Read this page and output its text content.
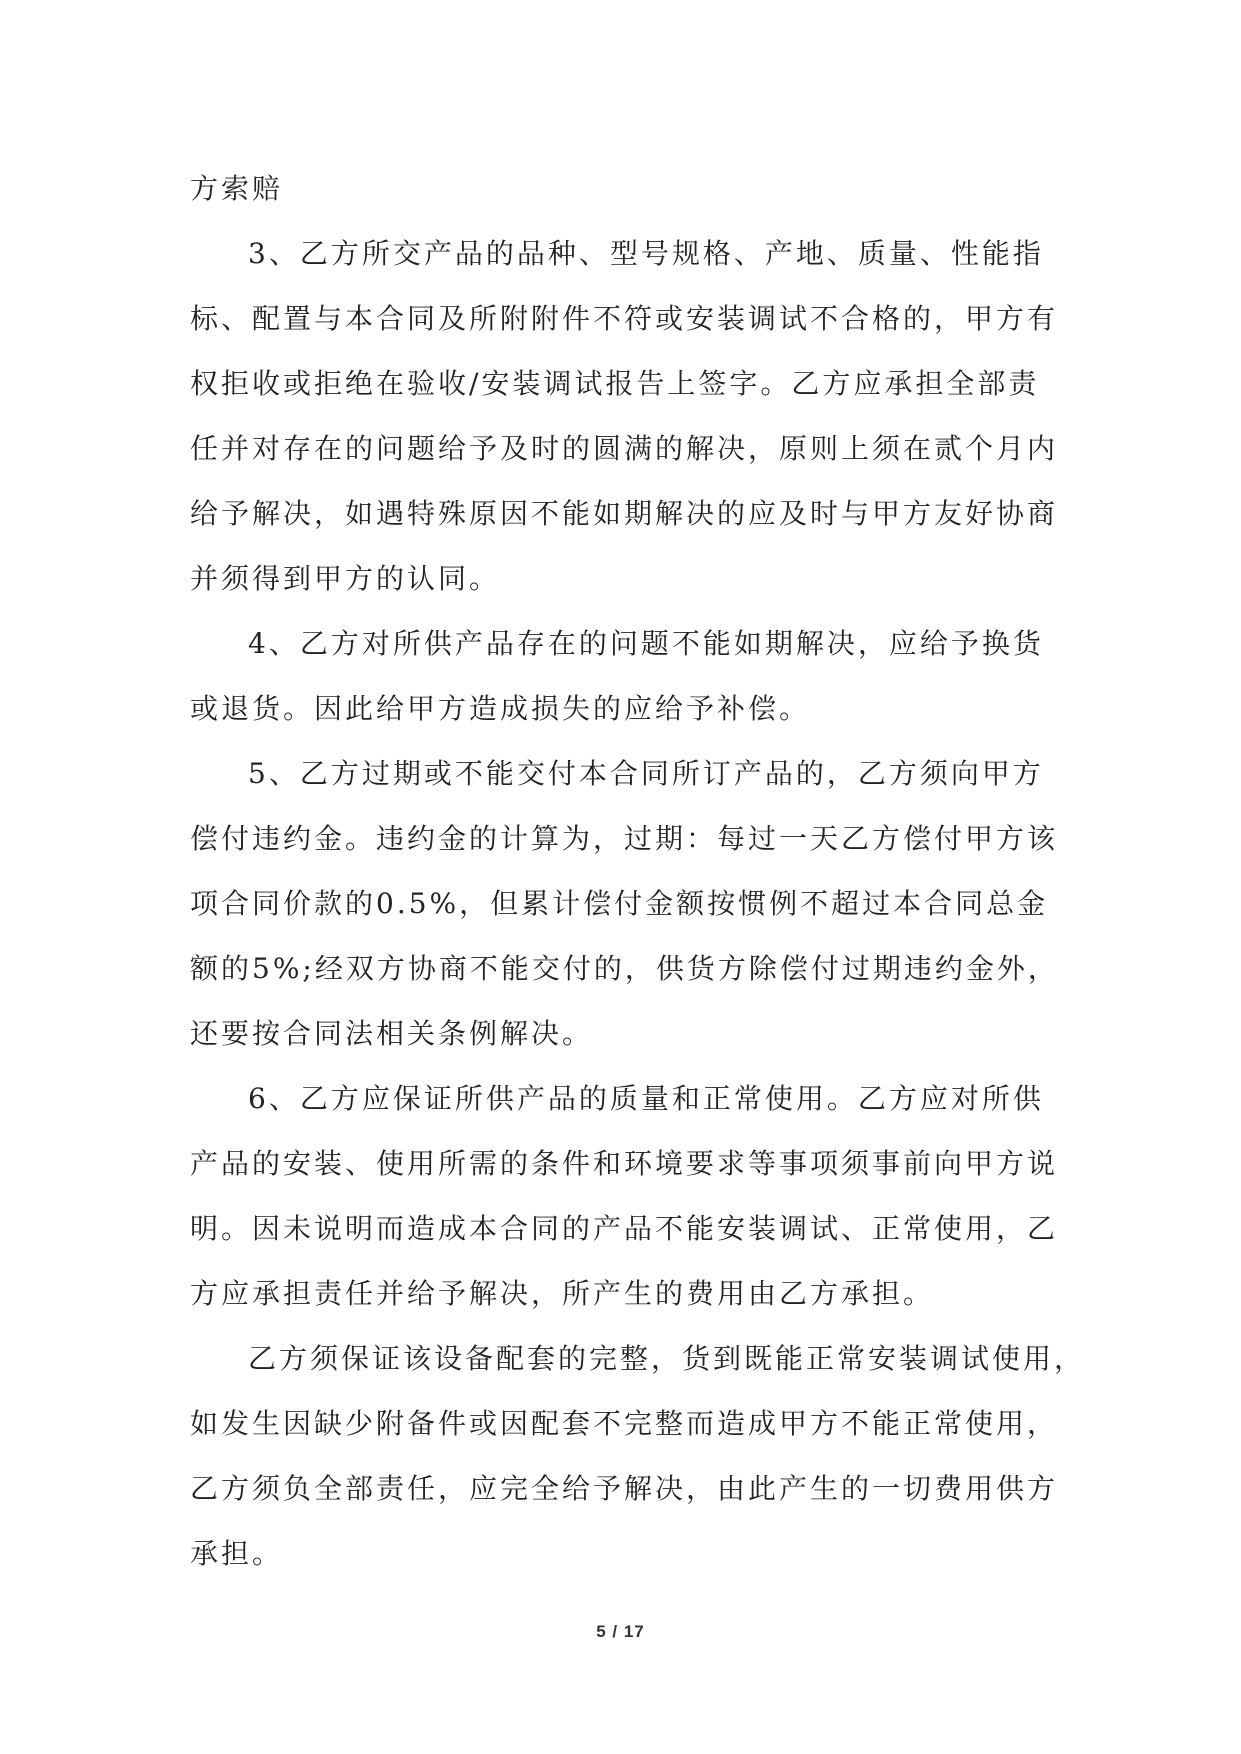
方索赔
3、乙方所交产品的品种、型号规格、产地、质量、性能指
标、配置与本合同及所附附件不符或安装调试不合格的，甲方有
权拒收或拒绝在验收/安装调试报告上签字。乙方应承担全部责
任并对存在的问题给予及时的圆满的解决，原则上须在贰个月内
给予解决，如遇特殊原因不能如期解决的应及时与甲方友好协商
并须得到甲方的认同。
4、乙方对所供产品存在的问题不能如期解决，应给予换货
或退货。因此给甲方造成损失的应给予补偿。
5、乙方过期或不能交付本合同所订产品的，乙方须向甲方
偿付违约金。违约金的计算为，过期：每过一天乙方偿付甲方该
项合同价款的0.5%，但累计偿付金额按惯例不超过本合同总金
额的5%;经双方协商不能交付的，供货方除偿付过期违约金外，
还要按合同法相关条例解决。
6、乙方应保证所供产品的质量和正常使用。乙方应对所供
产品的安装、使用所需的条件和环境要求等事项须事前向甲方说
明。因未说明而造成本合同的产品不能安装调试、正常使用，乙
方应承担责任并给予解决，所产生的费用由乙方承担。
乙方须保证该设备配套的完整，货到既能正常安装调试使用，
如发生因缺少附备件或因配套不完整而造成甲方不能正常使用，
乙方须负全部责任，应完全给予解决，由此产生的一切费用供方
承担。
5 / 17
